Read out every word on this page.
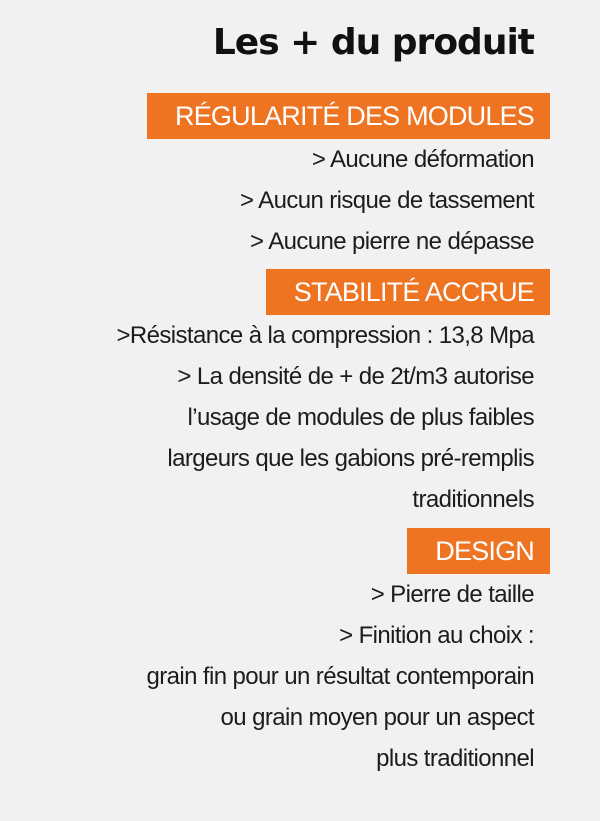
Les + du produit
RÉGULARITÉ DES MODULES
> Aucune déformation
> Aucun risque de tassement
> Aucune pierre ne dépasse
STABILITÉ ACCRUE
>Résistance à la compression : 13,8 Mpa
> La densité de + de 2t/m3 autorise
l’usage de modules de plus faibles
largeurs que les gabions pré-remplis
traditionnels
DESIGN
> Pierre de taille
> Finition au choix :
grain fin pour un résultat contemporain
ou grain moyen pour un aspect
plus traditionnel
